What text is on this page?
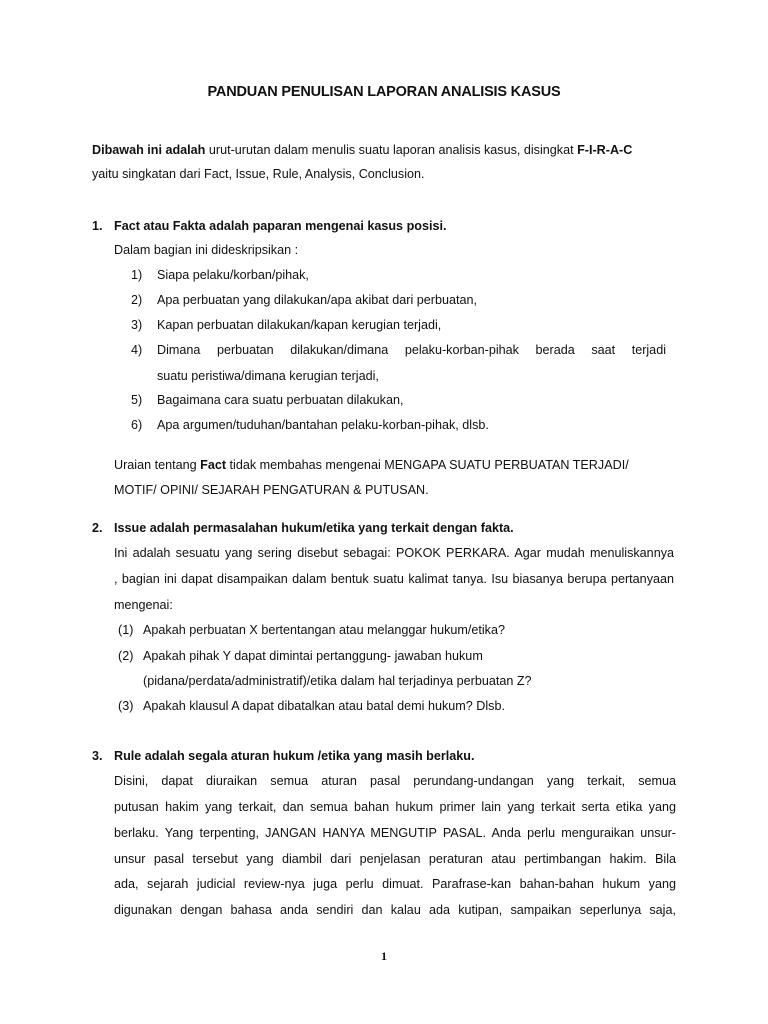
PANDUAN PENULISAN LAPORAN ANALISIS KASUS
Dibawah ini adalah urut-urutan dalam menulis suatu laporan analisis kasus, disingkat F-I-R-A-C
yaitu singkatan dari Fact, Issue, Rule, Analysis, Conclusion.
1. Fact atau Fakta adalah paparan mengenai kasus posisi.
Dalam bagian ini dideskripsikan :
1) Siapa pelaku/korban/pihak,
2) Apa perbuatan yang dilakukan/apa akibat dari perbuatan,
3) Kapan perbuatan dilakukan/kapan kerugian terjadi,
4) Dimana perbuatan dilakukan/dimana pelaku-korban-pihak berada saat terjadi
suatu peristiwa/dimana kerugian terjadi,
5) Bagaimana cara suatu perbuatan dilakukan,
6) Apa argumen/tuduhan/bantahan pelaku-korban-pihak, dlsb.
Uraian tentang Fact tidak membahas mengenai MENGAPA SUATU PERBUATAN TERJADI/
MOTIF/ OPINI/ SEJARAH PENGATURAN & PUTUSAN.
2. Issue adalah permasalahan hukum/etika yang terkait dengan fakta.
Ini adalah sesuatu yang sering disebut sebagai: POKOK PERKARA. Agar mudah menuliskannya
, bagian ini dapat disampaikan dalam bentuk suatu kalimat tanya. Isu biasanya berupa pertanyaan
mengenai:
(1) Apakah perbuatan X bertentangan atau melanggar hukum/etika?
(2) Apakah pihak Y dapat dimintai pertanggung- jawaban hukum
(pidana/perdata/administratif)/etika dalam hal terjadinya perbuatan Z?
(3) Apakah klausul A dapat dibatalkan atau batal demi hukum? Dlsb.
3. Rule adalah segala aturan hukum /etika yang masih berlaku.
Disini, dapat diuraikan semua aturan pasal perundang-undangan yang terkait, semua
putusan hakim yang terkait, dan semua bahan hukum primer lain yang terkait serta etika yang
berlaku. Yang terpenting, JANGAN HANYA MENGUTIP PASAL. Anda perlu menguraikan unsur-
unsur pasal tersebut yang diambil dari penjelasan peraturan atau pertimbangan hakim. Bila
ada, sejarah judicial review-nya juga perlu dimuat. Parafrase-kan bahan-bahan hukum yang
digunakan dengan bahasa anda sendiri dan kalau ada kutipan, sampaikan seperlunya saja,
1
